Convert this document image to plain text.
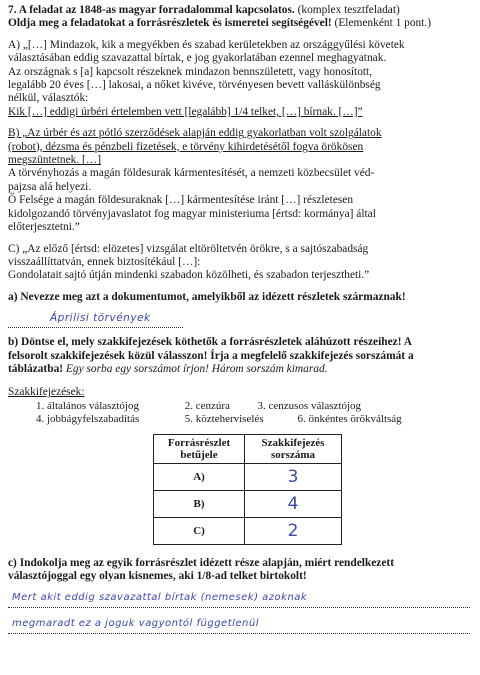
7. A feladat az 1848-as magyar forradalommal kapcsolatos. (komplex tesztfeladat)
Oldja meg a feladatokat a forrásrészletek és ismeretei segítségével! (Elemenként 1 pont.)
A) „[…] Mindazok, kik a megyékben és szabad kerületekben az országgyűlési követek
választásában eddig szavazattal bírtak, e jog gyakorlatában ezennel meghagyatnak.
Az országnak s [a] kapcsolt részeknek mindazon bennszületett, vagy honosított,
legalább 20 éves […] lakosai, a nőket kivéve, törvényesen bevett valláskülönbség
nélkül, választók:
Kik […] eddigi úrbéri értelemben vett [legalább] 1/4 telket, […] bírnak. […]”
B) „Az úrbér és azt pótló szerződések alapján eddig gyakorlatban volt szolgálatok
(robot), dézsma és pénzbeli fizetések, e törvény kihirdetésétől fogva örökösen
megszüntetnek. […]
A törvényhozás a magán földesurak kármentesítését, a nemzeti közbecsület véd-
pajzsa alá helyezi.
Ő Felsége a magán földesuraknak […] kármentesítése iránt […] részletesen
kidolgozandó törvényjavaslatot fog magyar ministeriuma [értsd: kormánya] által
előterjesztetni.”
C) „Az előző [értsd: elözetes] vizsgálat eltöröltetvén örökre, s a sajtószabadság
visszaállíttatván, ennek biztosítékául […]:
Gondolatait sajtó útján mindenki szabadon közölheti, és szabadon terjesztheti.”
a) Nevezze meg azt a dokumentumot, amelyikből az idézett részletek származnak!
Áprilisi törvények
b) Döntse el, mely szakkifejezések köthetők a forrásrészletek aláhúzott részeihez! A
felsorolt szakkifejezések közül válasszon! Írja a megfelelő szakkifejezés sorszámát a
táblázatba! Egy sorba egy sorszámot írjon! Három sorszám kimarad.
Szakkifejezések:
1. általános választójog	2. cenzúra	3. cenzusos választójog
4. jobbágyfelszabadítás	5. közteherviselés	6. önkéntes örökváltság
Forrásrészlet betűjele	Szakkifejezés sorszáma
A)	3
B)	4
C)	2
c) Indokolja meg az egyik forrásrészlet idézett része alapján, miért rendelkezett
választójoggal egy olyan kisnemes, aki 1/8-ad telket birtokolt!
Mert akit eddig szavazattal bírtak (nemesek) azoknak
megmaradt ez a joguk vagyontól függetlenül
